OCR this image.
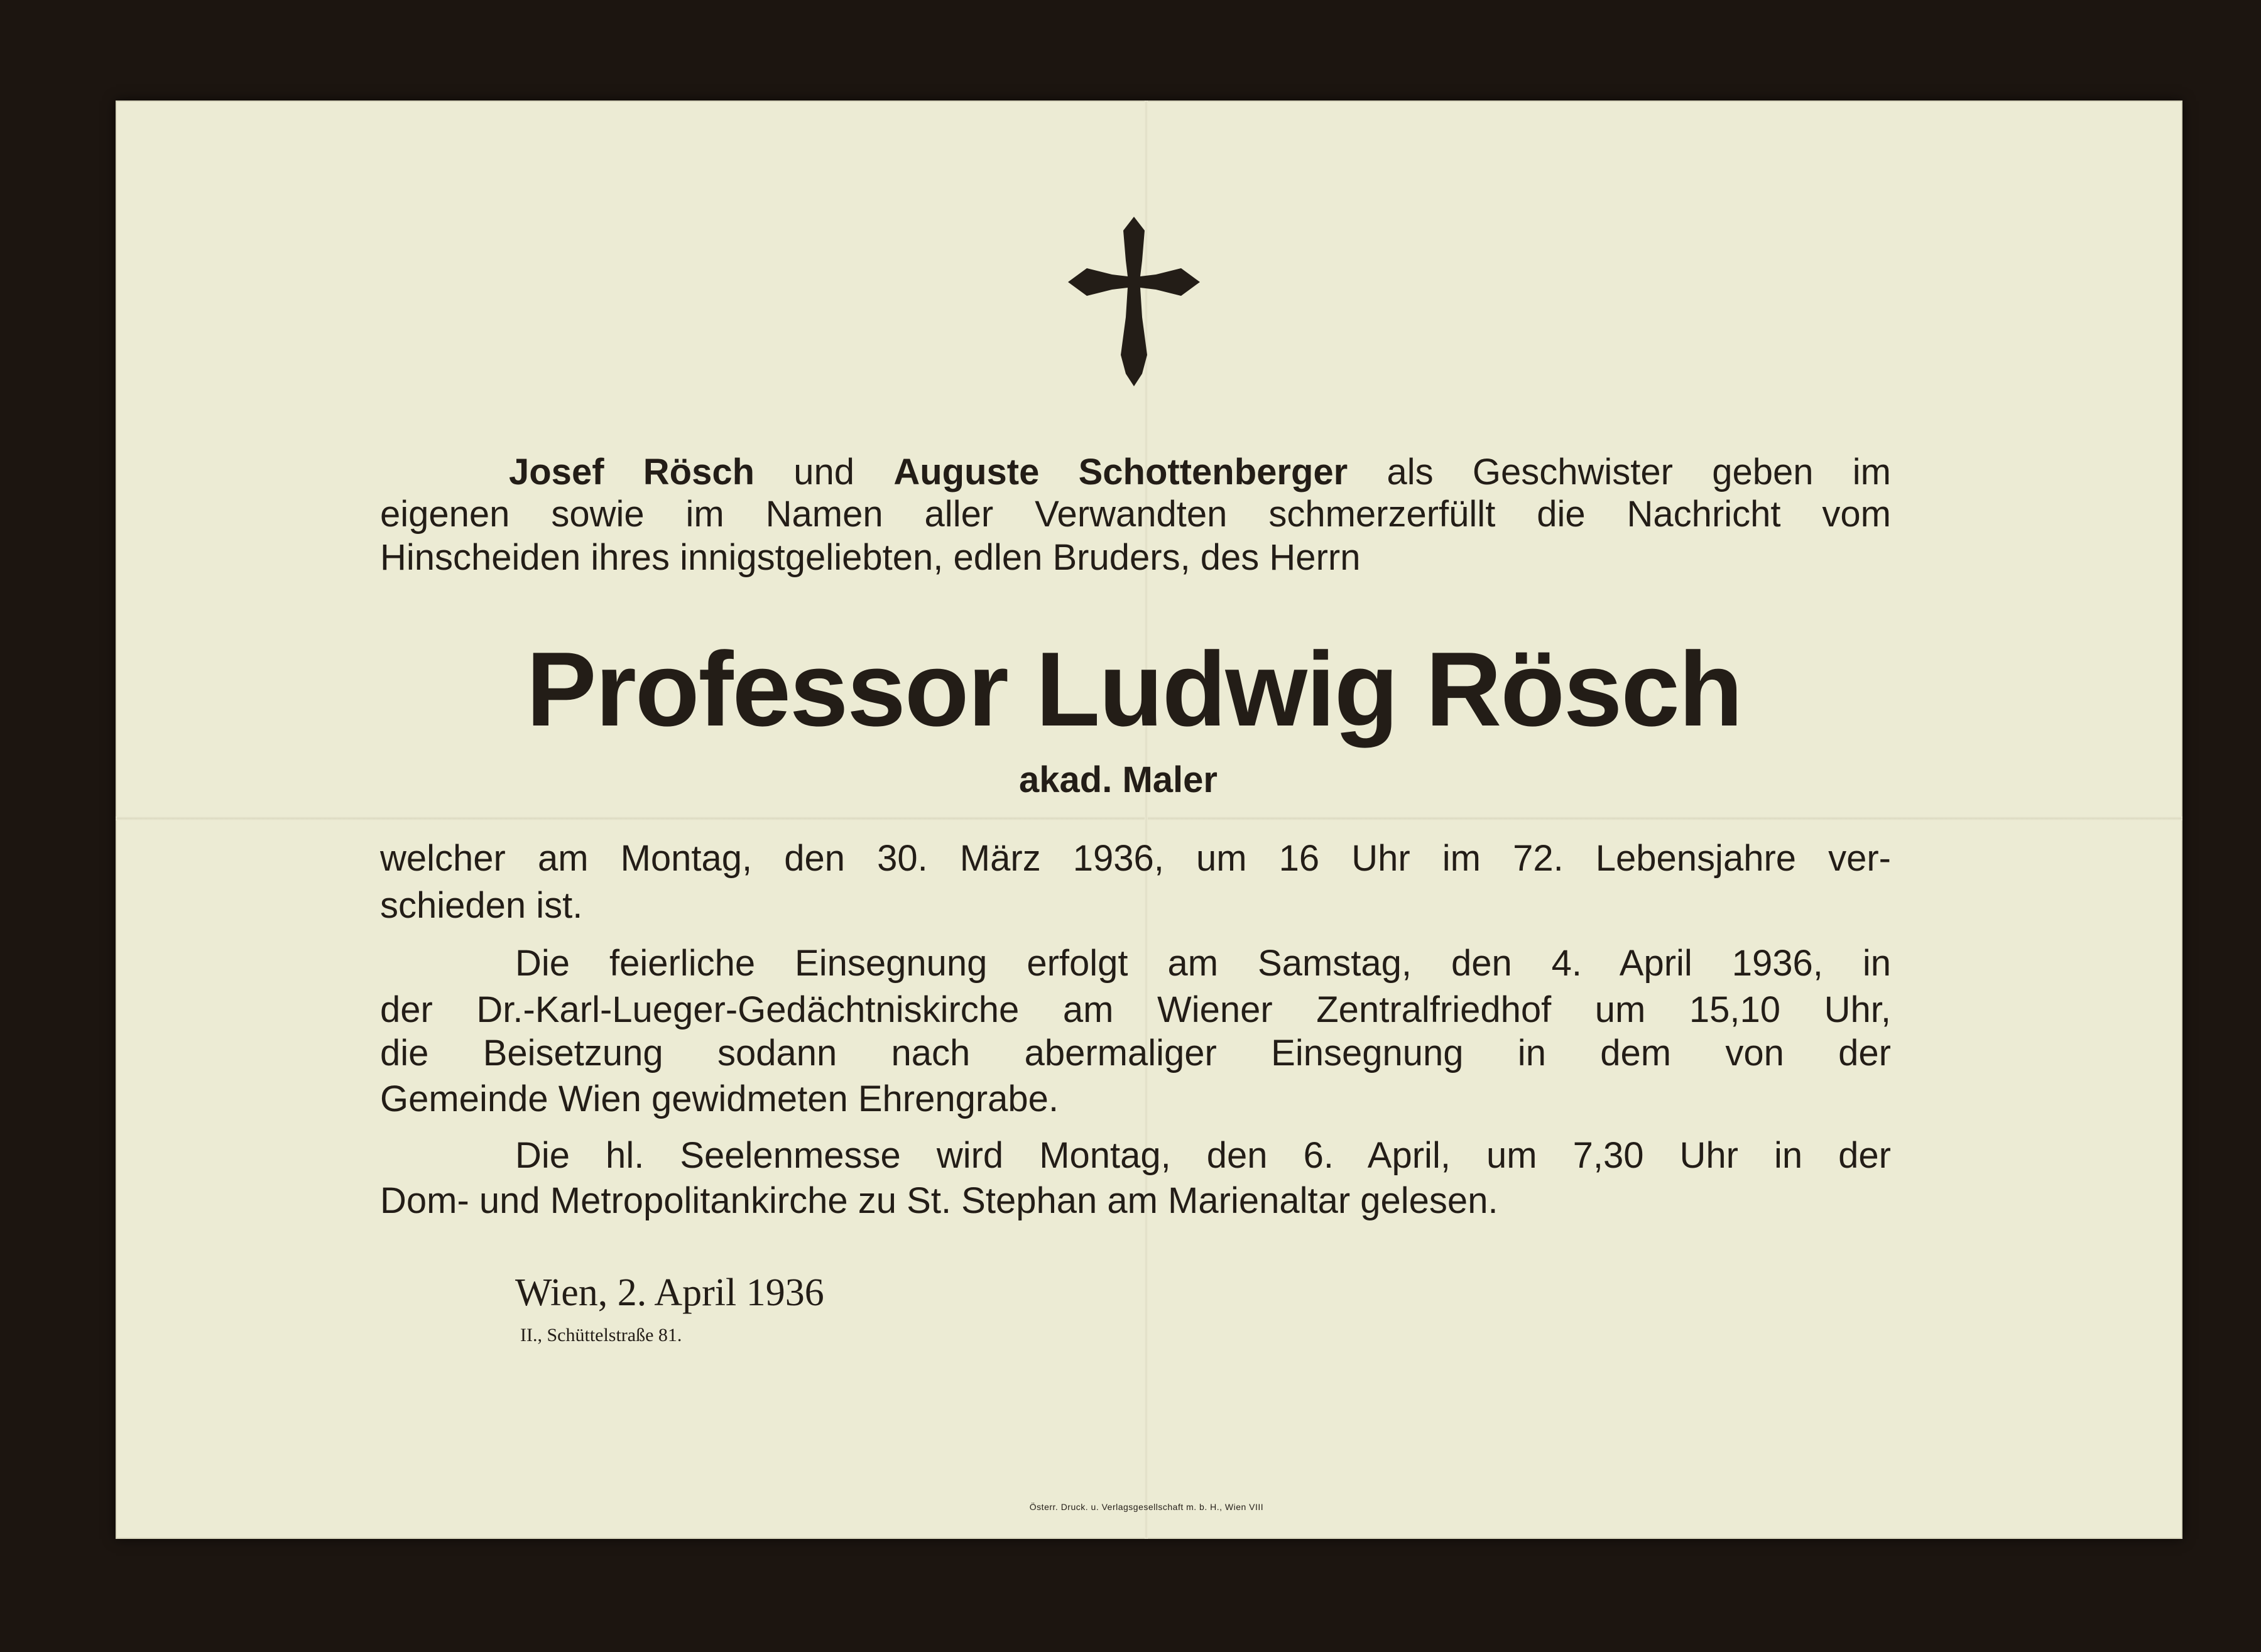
Josef Rösch und Auguste Schottenberger als Geschwister geben im
eigenen sowie im Namen aller Verwandten schmerzerfüllt die Nachricht vom
Hinscheiden ihres innigstgeliebten, edlen Bruders, des Herrn
Professor Ludwig Rösch
akad. Maler
welcher am Montag, den 30. März 1936, um 16 Uhr im 72. Lebensjahre ver-
schieden ist.
Die feierliche Einsegnung erfolgt am Samstag, den 4. April 1936, in
der Dr.-Karl-Lueger-Gedächtniskirche am Wiener Zentralfriedhof um 15,10 Uhr,
die Beisetzung sodann nach abermaliger Einsegnung in dem von der
Gemeinde Wien gewidmeten Ehrengrabe.
Die hl. Seelenmesse wird Montag, den 6. April, um 7,30 Uhr in der
Dom- und Metropolitankirche zu St. Stephan am Marienaltar gelesen.
Wien, 2. April 1936
II., Schüttelstraße 81.
Österr. Druck. u. Verlagsgesellschaft m. b. H., Wien VIII
